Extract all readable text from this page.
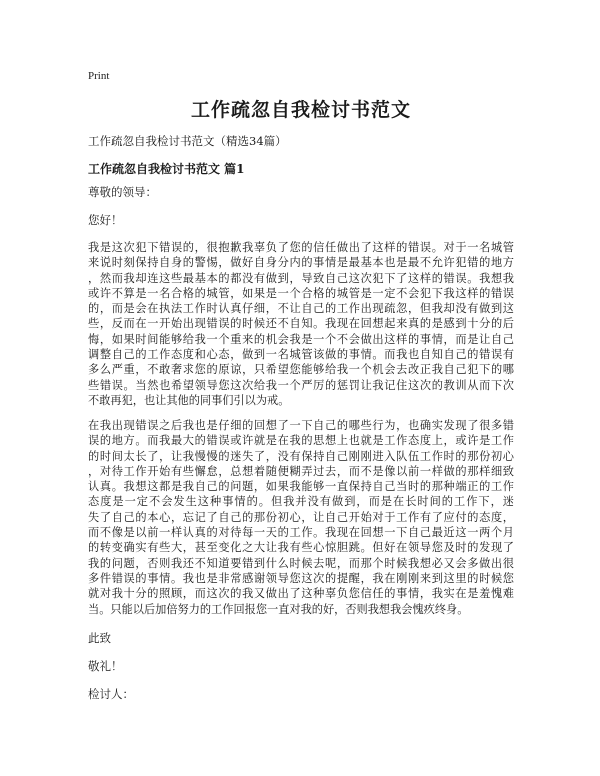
Print
工作疏忽自我检讨书范文

工作疏忽自我检讨书范文（精选34篇）

工作疏忽自我检讨书范文 篇1

尊敬的领导：

您好！

我是这次犯下错误的，很抱歉我辜负了您的信任做出了这样的错误。对于一名城管
来说时刻保持自身的警惕，做好自身分内的事情是最基本也是最不允许犯错的地方
，然而我却连这些最基本的都没有做到，导致自己这次犯下了这样的错误。我想我
或许不算是一名合格的城管，如果是一个合格的城管是一定不会犯下我这样的错误
的，而是会在执法工作时认真仔细，不让自己的工作出现疏忽，但我却没有做到这
些，反而在一开始出现错误的时候还不自知。我现在回想起来真的是感到十分的后
悔，如果时间能够给我一个重来的机会我是一个不会做出这样的事情，而是让自己
调整自己的工作态度和心态，做到一名城管该做的事情。而我也自知自己的错误有
多么严重，不敢奢求您的原谅，只希望您能够给我一个机会去改正我自己犯下的哪
些错误。当然也希望领导您这次给我一个严厉的惩罚让我记住这次的教训从而下次
不敢再犯，也让其他的同事们引以为戒。
在我出现错误之后我也是仔细的回想了一下自己的哪些行为，也确实发现了很多错
误的地方。而我最大的错误或许就是在我的思想上也就是工作态度上，或许是工作
的时间太长了，让我慢慢的迷失了，没有保持自己刚刚进入队伍工作时的那份初心
，对待工作开始有些懈怠，总想着随便糊弄过去，而不是像以前一样做的那样细致
认真。我想这都是我自己的问题，如果我能够一直保持自己当时的那种端正的工作
态度是一定不会发生这种事情的。但我并没有做到，而是在长时间的工作下，迷
失了自己的本心，忘记了自己的那份初心，让自己开始对于工作有了应付的态度，
而不像是以前一样认真的对待每一天的工作。我现在回想一下自己最近这一两个月
的转变确实有些大，甚至变化之大让我有些心惊胆跳。但好在领导您及时的发现了
我的问题，否则我还不知道要错到什么时候去呢，而那个时候我想必又会多做出很
多件错误的事情。我也是非常感谢领导您这次的提醒，我在刚刚来到这里的时候您
就对我十分的照顾，而这次的我又做出了这种辜负您信任的事情，我实在是羞愧难
当。只能以后加倍努力的工作回报您一直对我的好，否则我想我会愧疚终身。

此致

敬礼！

检讨人：
